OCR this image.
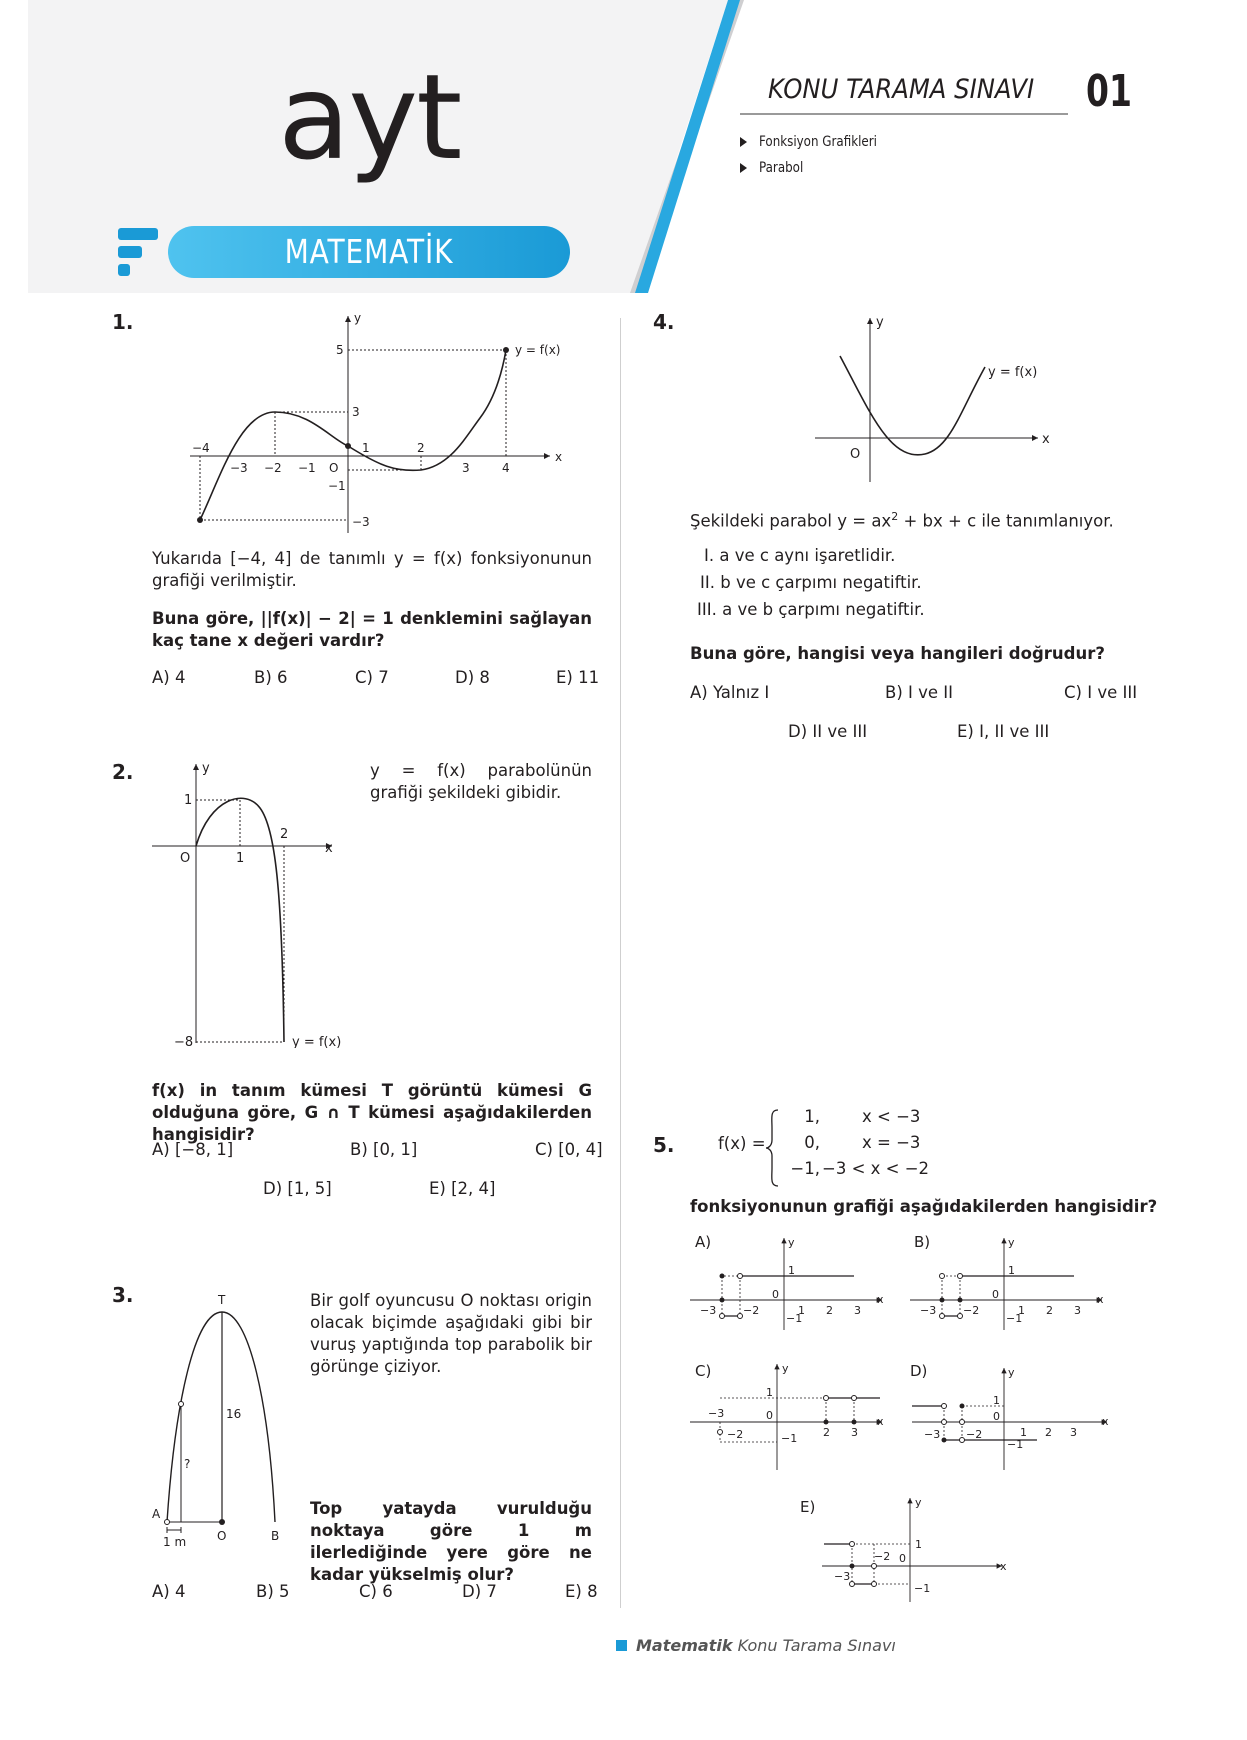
ayt
MATEMATİK
KONU TARAMA SINAVI 01
Fonksiyon Grafikleri
Parabol
1.	y
x
y = f(x)
O
−4
−3 −2 −1
1	2
3	4
5
3
−1
−3
Yukarıda [−4, 4] de tanımlı y = f(x) fonksiyonunun grafiği verilmiştir.
Buna göre, ||f(x)| − 2| = 1 denklemini sağlayan kaç tane x değeri vardır?
A) 4	B) 6	C) 7	D) 8	E) 11
2.	y
x
O	1
2
1
−8	y = f(x)
y = f(x) parabolünün grafiği şekildeki gibidir.
f(x) in tanım kümesi T görüntü kümesi G olduğuna göre, G ∩ T kümesi aşağıdakilerden hangisidir?
A) [−8, 1]	B) [0, 1]	C) [0, 4]
D) [1, 5]	E) [2, 4]
3.	T
16
?
A
O	B
1 m
Bir golf oyuncusu O noktası origin olacak biçimde aşağıdaki gibi bir vuruş yaptığında top parabolik bir görünge çiziyor.
Top yatayda vurulduğu noktaya göre 1 m ilerlediğinde yere göre ne kadar yükselmiş olur?
A) 4	B) 5	C) 6	D) 7	E) 8
4.	y
x
O
y = f(x)
Şekildeki parabol $y = ax^2$ + bx + c ile tanımlanıyor.
I. a ve c aynı işaretlidir.
II. b ve c çarpımı negatiftir.
III. a ve b çarpımı negatiftir.
Buna göre, hangisi veya hangileri doğrudur?
A) Yalnız I	B) I ve II	C) I ve III
D) II ve III	E) I, II ve III
5.	f(x) =
1,	x < −3
0,	x = −3
−1, −3 < x < −2
fonksiyonunun grafiği aşağıdakilerden hangisidir?
A)	y
x
1
0
−3 −2
−1
1 2 3
B)	y
x
1
0
−3 −2
−1
1 2 3
C)	y
x
1
0
−3
−2	−1 2 3
D)	y
x
1
0
−3 −2
−1
1 2 3
E)	y
x
1
0
−3
−2
−1
Matematik Konu Tarama Sınavı
